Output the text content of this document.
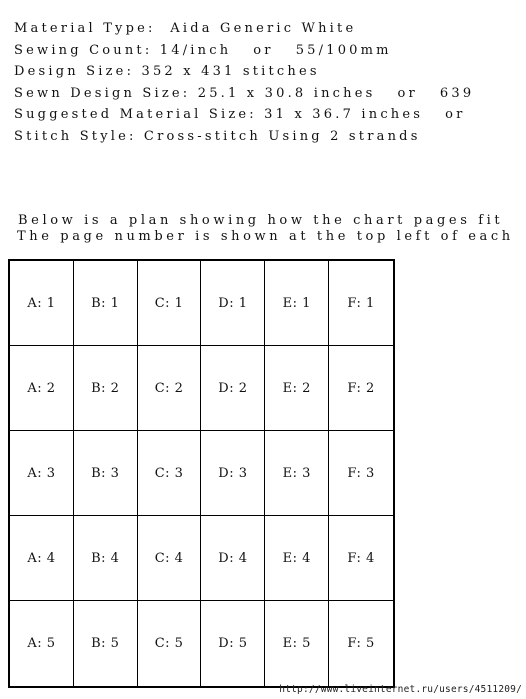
Material Type:  Aida Generic White
Sewing Count: 14/inch   or   55/100mm
Design Size: 352 x 431 stitches
Sewn Design Size: 25.1 x 30.8 inches   or   639
Suggested Material Size: 31 x 36.7 inches   or
Stitch Style: Cross-stitch Using 2 strands
Below is a plan showing how the chart pages fit
The page number is shown at the top left of each
A: 1	B: 1	C: 1	D: 1	E: 1	F: 1
A: 2	B: 2	C: 2	D: 2	E: 2	F: 2
A: 3	B: 3	C: 3	D: 3	E: 3	F: 3
A: 4	B: 4	C: 4	D: 4	E: 4	F: 4
A: 5	B: 5	C: 5	D: 5	E: 5	F: 5
http://www.liveinternet.ru/users/4511209/
